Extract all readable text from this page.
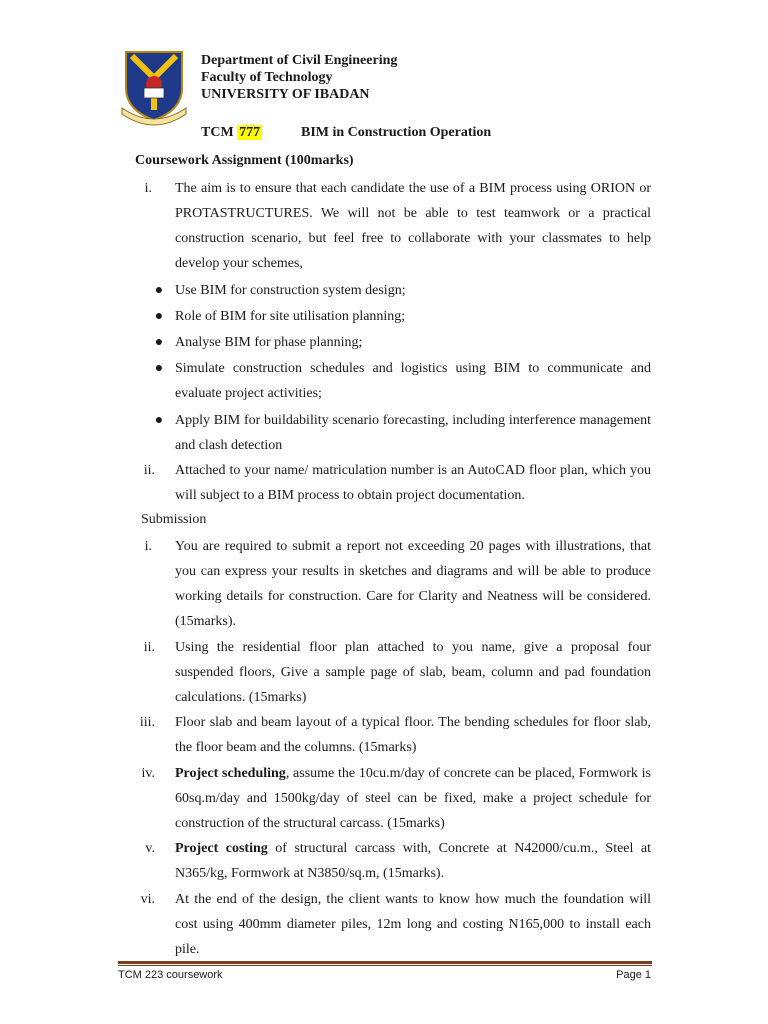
Department of Civil Engineering
Faculty of Technology
UNIVERSITY OF IBADAN
TCM 777	BIM in Construction Operation
Coursework Assignment (100marks)
i. The aim is to ensure that each candidate the use of a BIM process using ORION or PROTASTRUCTURES. We will not be able to test teamwork or a practical construction scenario, but feel free to collaborate with your classmates to help develop your schemes,
● Use BIM for construction system design;
● Role of BIM for site utilisation planning;
● Analyse BIM for phase planning;
● Simulate construction schedules and logistics using BIM to communicate and evaluate project activities;
● Apply BIM for buildability scenario forecasting, including interference management and clash detection
ii. Attached to your name/ matriculation number is an AutoCAD floor plan, which you will subject to a BIM process to obtain project documentation.
Submission
i. You are required to submit a report not exceeding 20 pages with illustrations, that you can express your results in sketches and diagrams and will be able to produce working details for construction. Care for Clarity and Neatness will be considered. (15marks).
ii. Using the residential floor plan attached to you name, give a proposal four suspended floors, Give a sample page of slab, beam, column and pad foundation calculations. (15marks)
iii. Floor slab and beam layout of a typical floor. The bending schedules for floor slab, the floor beam and the columns. (15marks)
iv. Project scheduling, assume the 10cu.m/day of concrete can be placed, Formwork is 60sq.m/day and 1500kg/day of steel can be fixed, make a project schedule for construction of the structural carcass. (15marks)
v. Project costing of structural carcass with, Concrete at N42000/cu.m., Steel at N365/kg, Formwork at N3850/sq.m, (15marks).
vi. At the end of the design, the client wants to know how much the foundation will cost using 400mm diameter piles, 12m long and costing N165,000 to install each pile.
TCM 223 coursework	Page 1
